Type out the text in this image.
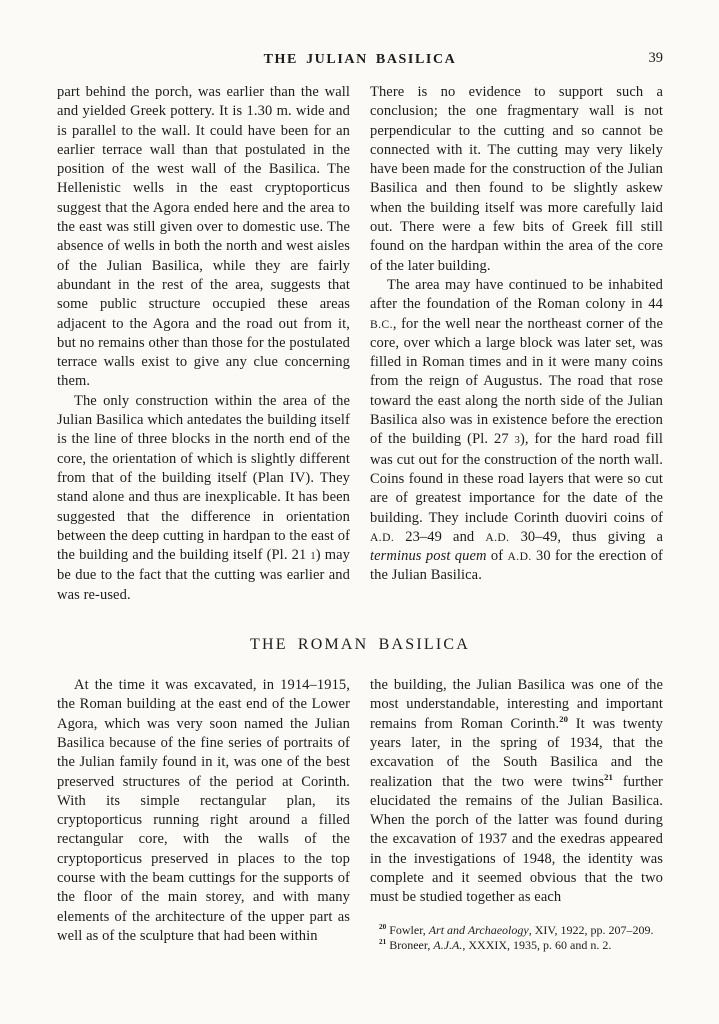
THE JULIAN BASILICA	39

part behind the porch, was earlier than the wall and yielded Greek pottery. It is 1.30 m. wide and is parallel to the wall. It could have been for an earlier terrace wall than that postulated in the position of the west wall of the Basilica. The Hellenistic wells in the east cryptoporticus suggest that the Agora ended here and the area to the east was still given over to domestic use. The absence of wells in both the north and west aisles of the Julian Basilica, while they are fairly abundant in the rest of the area, suggests that some public structure occupied these areas adjacent to the Agora and the road out from it, but no remains other than those for the postulated terrace walls exist to give any clue concerning them.

The only construction within the area of the Julian Basilica which antedates the building itself is the line of three blocks in the north end of the core, the orientation of which is slightly different from that of the building itself (Plan IV). They stand alone and thus are inexplicable. It has been suggested that the difference in orientation between the deep cutting in hardpan to the east of the building and the building itself (Pl. 21 1) may be due to the fact that the cutting was earlier and was re-used.

There is no evidence to support such a conclusion; the one fragmentary wall is not perpendicular to the cutting and so cannot be connected with it. The cutting may very likely have been made for the construction of the Julian Basilica and then found to be slightly askew when the building itself was more carefully laid out. There were a few bits of Greek fill still found on the hardpan within the area of the core of the later building.

The area may have continued to be inhabited after the foundation of the Roman colony in 44 B.C., for the well near the northeast corner of the core, over which a large block was later set, was filled in Roman times and in it were many coins from the reign of Augustus. The road that rose toward the east along the north side of the Julian Basilica also was in existence before the erection of the building (Pl. 27 3), for the hard road fill was cut out for the construction of the north wall. Coins found in these road layers that were so cut are of greatest importance for the date of the building. They include Corinth duoviri coins of A.D. 23–49 and A.D. 30–49, thus giving a terminus post quem of A.D. 30 for the erection of the Julian Basilica.

THE ROMAN BASILICA

At the time it was excavated, in 1914–1915, the Roman building at the east end of the Lower Agora, which was very soon named the Julian Basilica because of the fine series of portraits of the Julian family found in it, was one of the best preserved structures of the period at Corinth. With its simple rectangular plan, its cryptoporticus running right around a filled rectangular core, with the walls of the cryptoporticus preserved in places to the top course with the beam cuttings for the supports of the floor of the main storey, and with many elements of the architecture of the upper part as well as of the sculpture that had been within

the building, the Julian Basilica was one of the most understandable, interesting and important remains from Roman Corinth.$^{20}$ It was twenty years later, in the spring of 1934, that the excavation of the South Basilica and the realization that the two were twins$^{21}$ further elucidated the remains of the Julian Basilica. When the porch of the latter was found during the excavation of 1937 and the exedras appeared in the investigations of 1948, the identity was complete and it seemed obvious that the two must be studied together as each

$^{20}$ Fowler, Art and Archaeology, XIV, 1922, pp. 207–209.

$^{21}$ Broneer, A.J.A., XXXIX, 1935, p. 60 and n. 2.
